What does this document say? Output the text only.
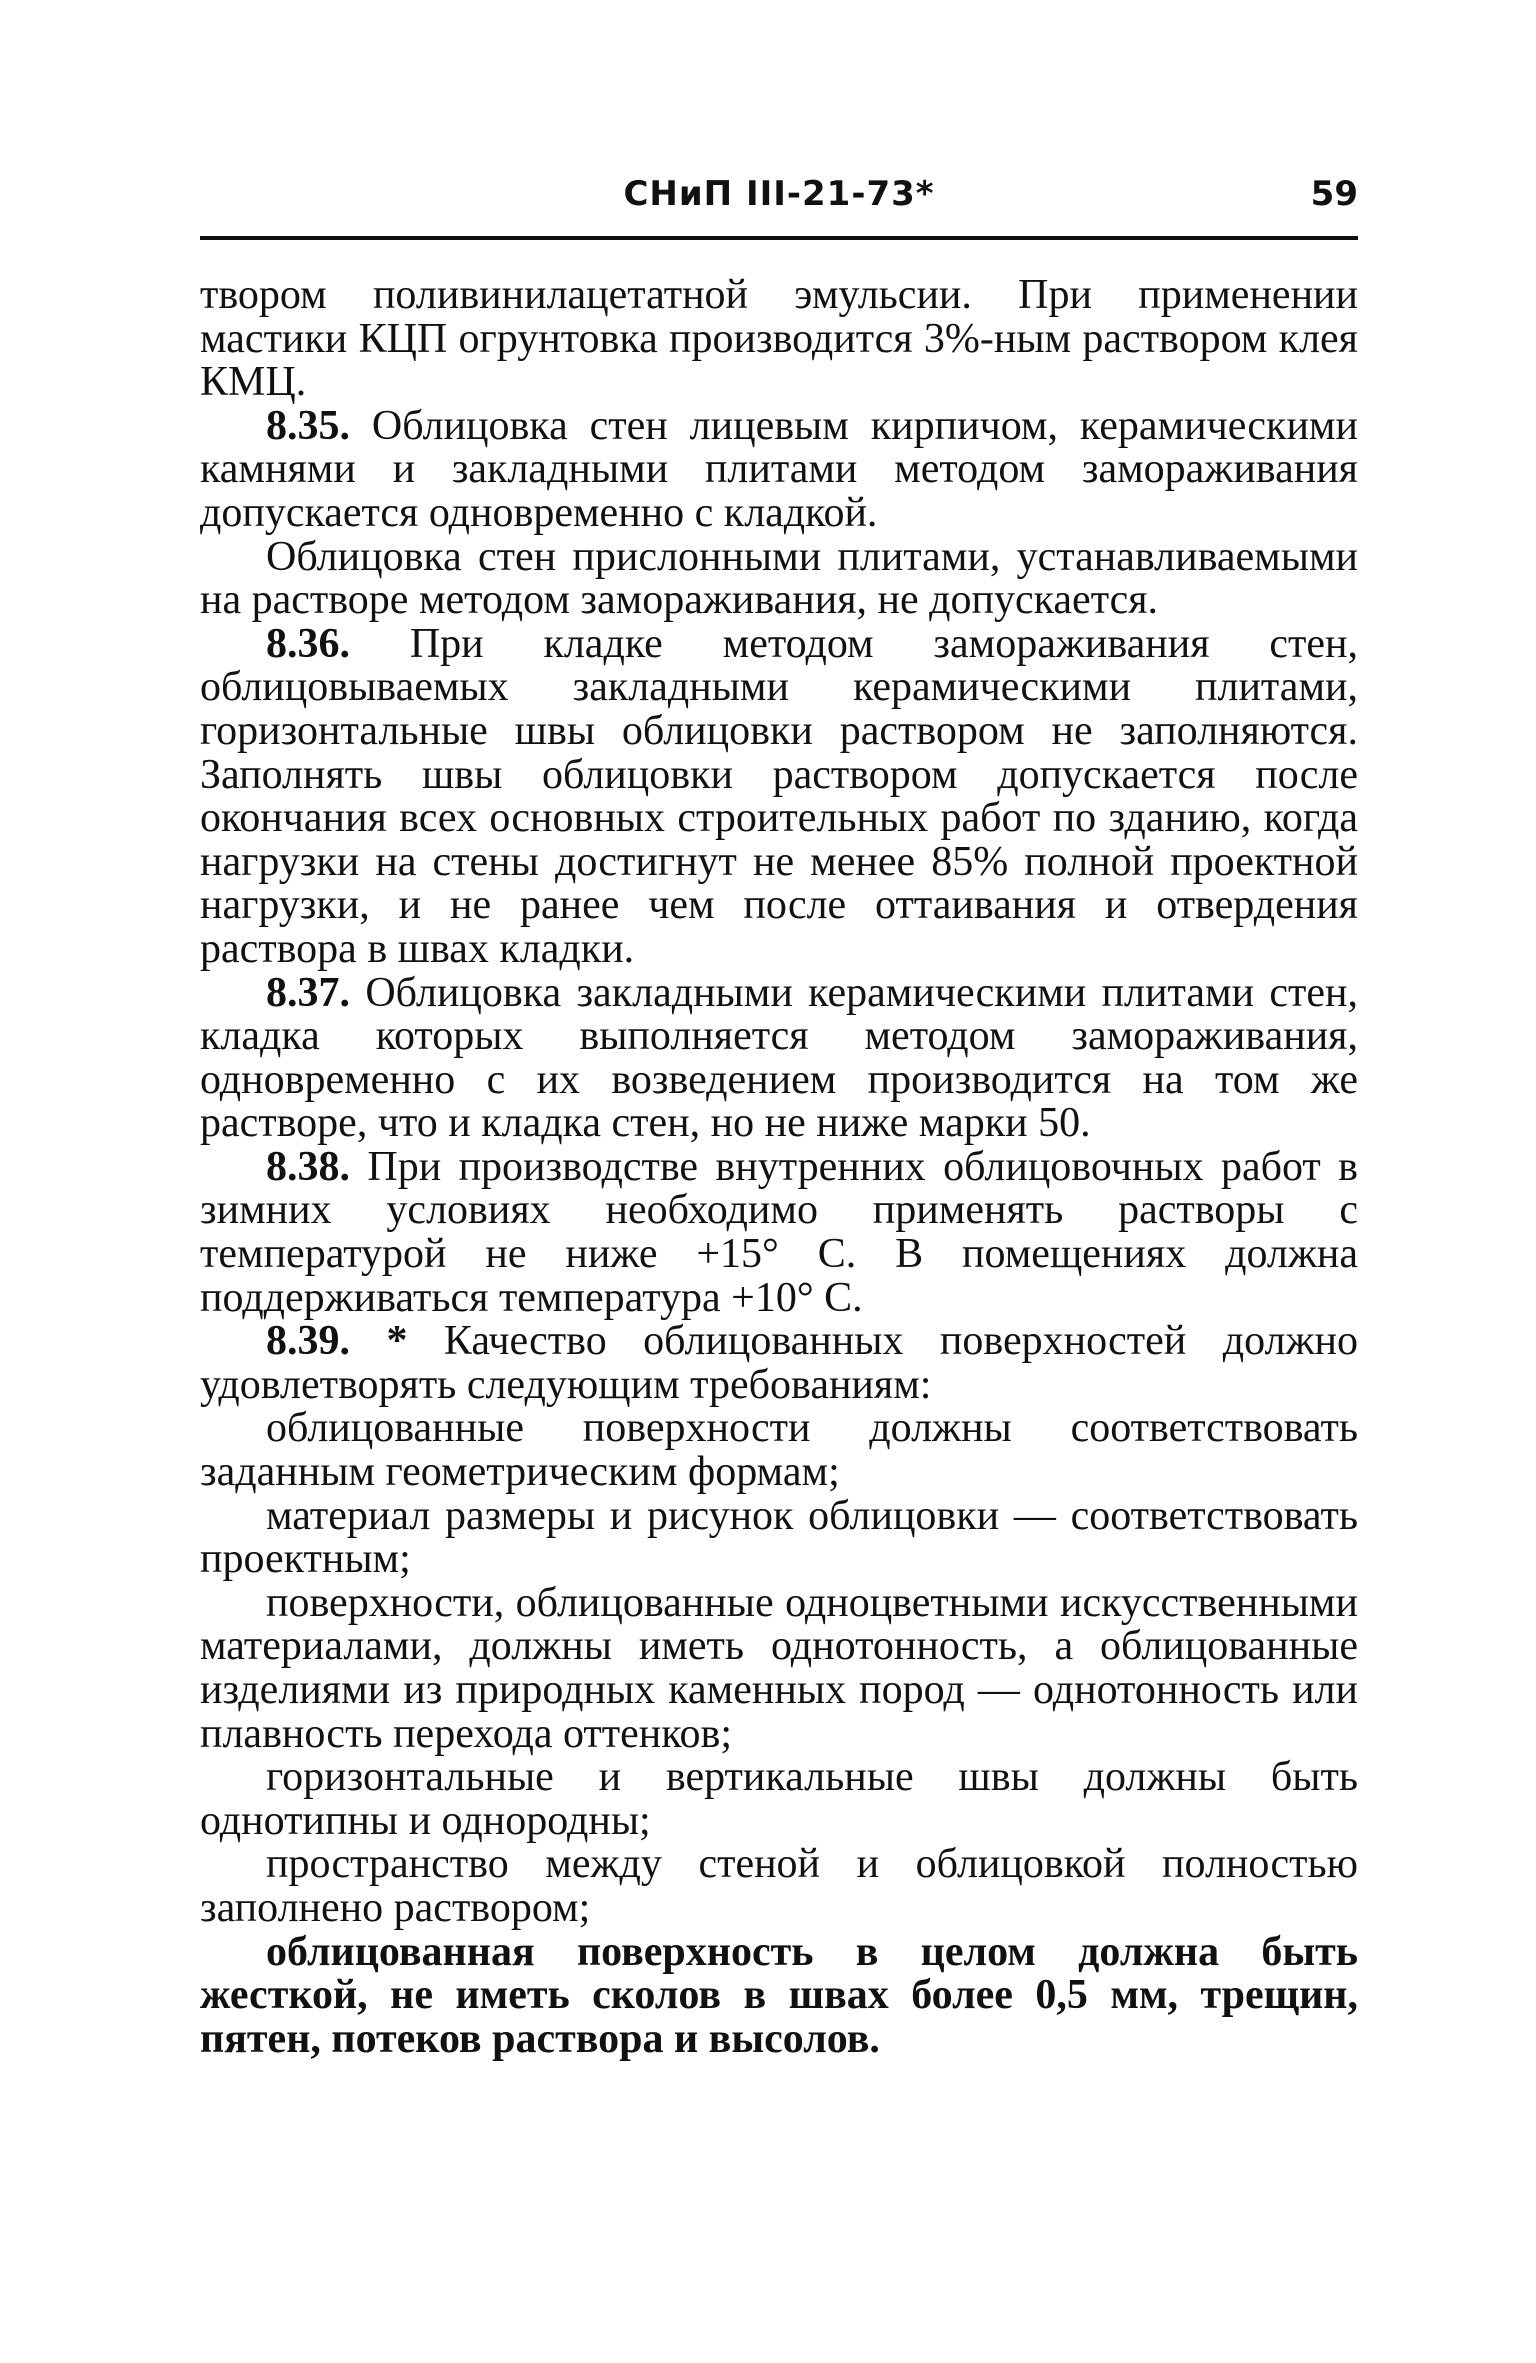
СНиП III-21-73*	59

твором поливинилацетатной эмульсии. При применении мастики КЦП огрунтовка производится 3%-ным раствором клея КМЦ.

8.35. Облицовка стен лицевым кирпичом, керамическими камнями и закладными плитами методом замораживания допускается одновременно с кладкой.

Облицовка стен прислонными плитами, устанавливаемыми на растворе методом замораживания, не допускается.

8.36. При кладке методом замораживания стен, облицовываемых закладными керамическими плитами, горизонтальные швы облицовки раствором не заполняются. Заполнять швы облицовки раствором допускается после окончания всех основных строительных работ по зданию, когда нагрузки на стены достигнут не менее 85% полной проектной нагрузки, и не ранее чем после оттаивания и отвердения раствора в швах кладки.

8.37. Облицовка закладными керамическими плитами стен, кладка которых выполняется методом замораживания, одновременно с их возведением производится на том же растворе, что и кладка стен, но не ниже марки 50.

8.38. При производстве внутренних облицовочных работ в зимних условиях необходимо применять растворы с температурой не ниже +15° С. В помещениях должна поддерживаться температура +10° С.

8.39. * Качество облицованных поверхностей должно удовлетворять следующим требованиям:

облицованные поверхности должны соответствовать заданным геометрическим формам;

материал размеры и рисунок облицовки — соответствовать проектным;

поверхности, облицованные одноцветными искусственными материалами, должны иметь однотонность, а облицованные изделиями из природных каменных пород — однотонность или плавность перехода оттенков;

горизонтальные и вертикальные швы должны быть однотипны и однородны;

пространство между стеной и облицовкой полностью заполнено раствором;

облицованная поверхность в целом должна быть жесткой, не иметь сколов в швах более 0,5 мм, трещин, пятен, потеков раствора и высолов.
